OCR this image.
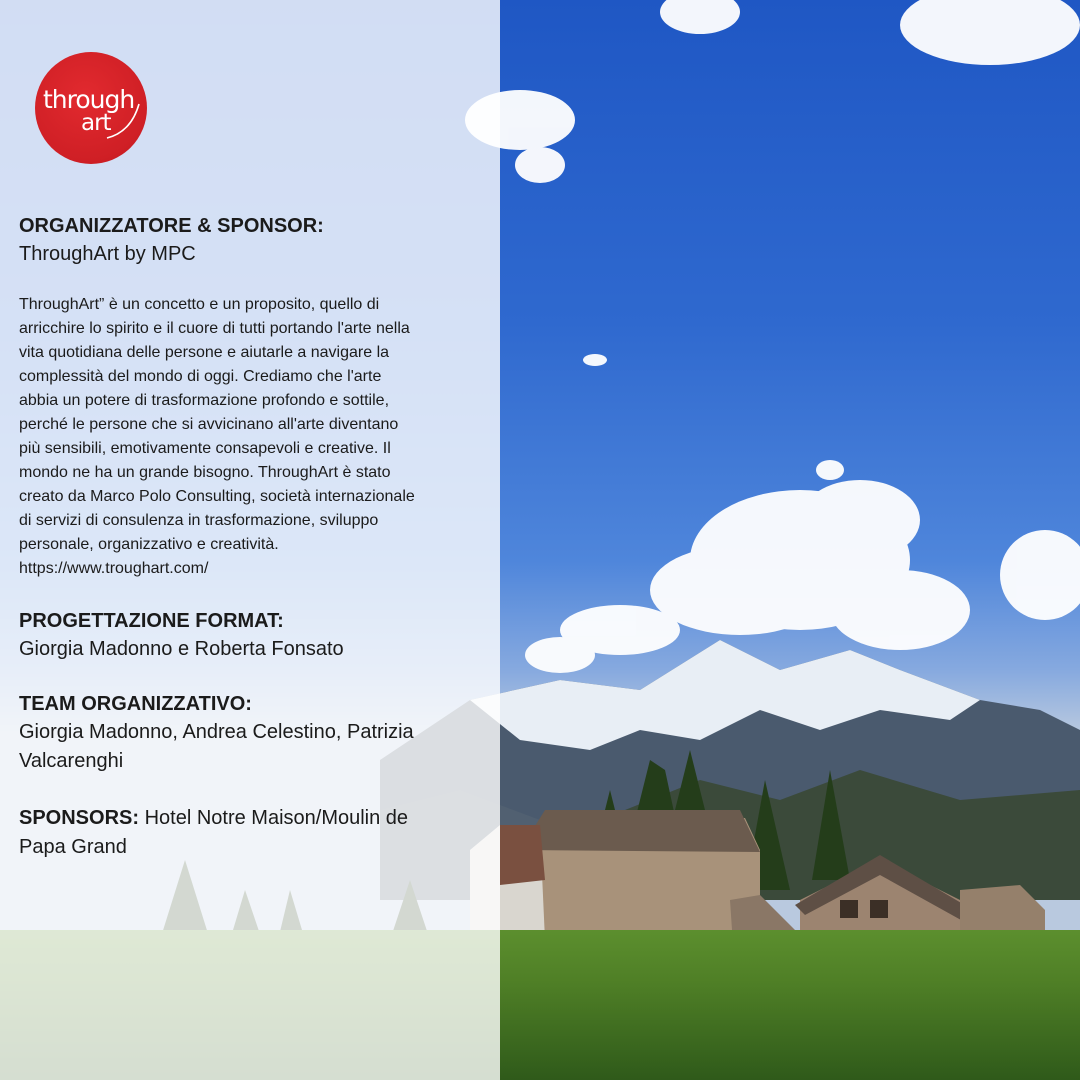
through
art
ORGANIZZATORE & SPONSOR:
ThroughArt by MPC
ThroughArt” è un concetto e un proposito, quello di
arricchire lo spirito e il cuore di tutti portando l'arte nella
vita quotidiana delle persone e aiutarle a navigare la
complessità del mondo di oggi. Crediamo che l'arte
abbia un potere di trasformazione profondo e sottile,
perché le persone che si avvicinano all'arte diventano
più sensibili, emotivamente consapevoli e creative. Il
mondo ne ha un grande bisogno. ThroughArt è stato
creato da Marco Polo Consulting, società internazionale
di servizi di consulenza in trasformazione, sviluppo
personale, organizzativo e creatività.
https://www.troughart.com/
PROGETTAZIONE FORMAT:
Giorgia Madonno e Roberta Fonsato
TEAM ORGANIZZATIVO:
Giorgia Madonno, Andrea Celestino, Patrizia
Valcarenghi
SPONSORS: Hotel Notre Maison/Moulin de
Papa Grand
